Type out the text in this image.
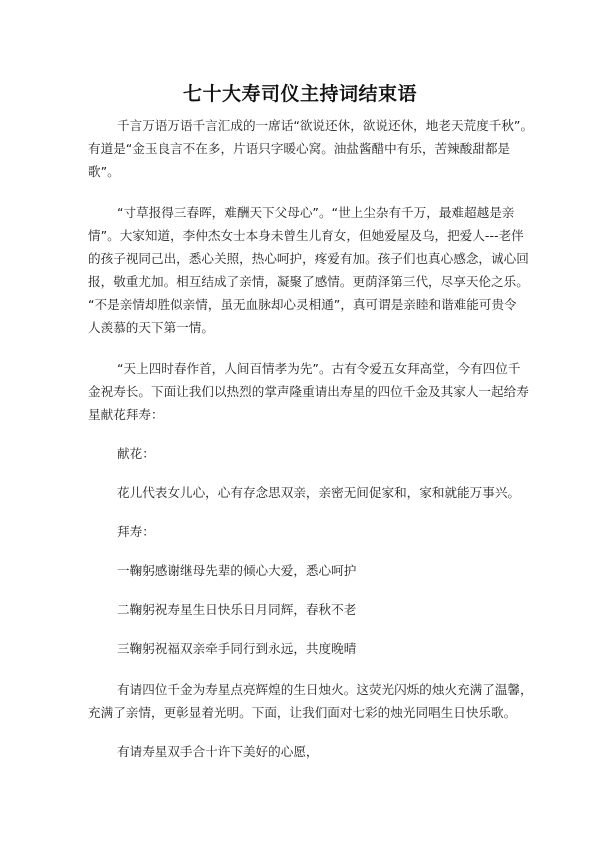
七十大寿司仪主持词结束语
千言万语万语千言汇成的一席话“欲说还休，欲说还休，地老天荒度千秋”。
有道是“金玉良言不在多，片语只字暖心窝。油盐酱醋中有乐，苦辣酸甜都是
歌”。
“寸草报得三春晖，难酬天下父母心”。“世上尘杂有千万，最难超越是亲
情”。大家知道，李仲杰女士本身未曾生儿育女，但她爱屋及乌，把爱人---老伴
的孩子视同己出，悉心关照，热心呵护，疼爱有加。孩子们也真心感念，诚心回
报，敬重尤加。相互结成了亲情，凝聚了感情。更荫泽第三代，尽享天伦之乐。
“不是亲情却胜似亲情，虽无血脉却心灵相通”，真可谓是亲睦和谐难能可贵令
人羡慕的天下第一情。
“天上四时春作首，人间百情孝为先”。古有令爱五女拜高堂，今有四位千
金祝寿长。下面让我们以热烈的掌声隆重请出寿星的四位千金及其家人一起给寿
星献花拜寿：
献花：
花儿代表女儿心，心有存念思双亲，亲密无间促家和，家和就能万事兴。
拜寿：
一鞠躬感谢继母先辈的倾心大爱，悉心呵护
二鞠躬祝寿星生日快乐日月同辉，春秋不老
三鞠躬祝福双亲牵手同行到永远，共度晚晴
有请四位千金为寿星点亮辉煌的生日烛火。这荧光闪烁的烛火充满了温馨，
充满了亲情，更彰显着光明。下面，让我们面对七彩的烛光同唱生日快乐歌。
有请寿星双手合十许下美好的心愿，
